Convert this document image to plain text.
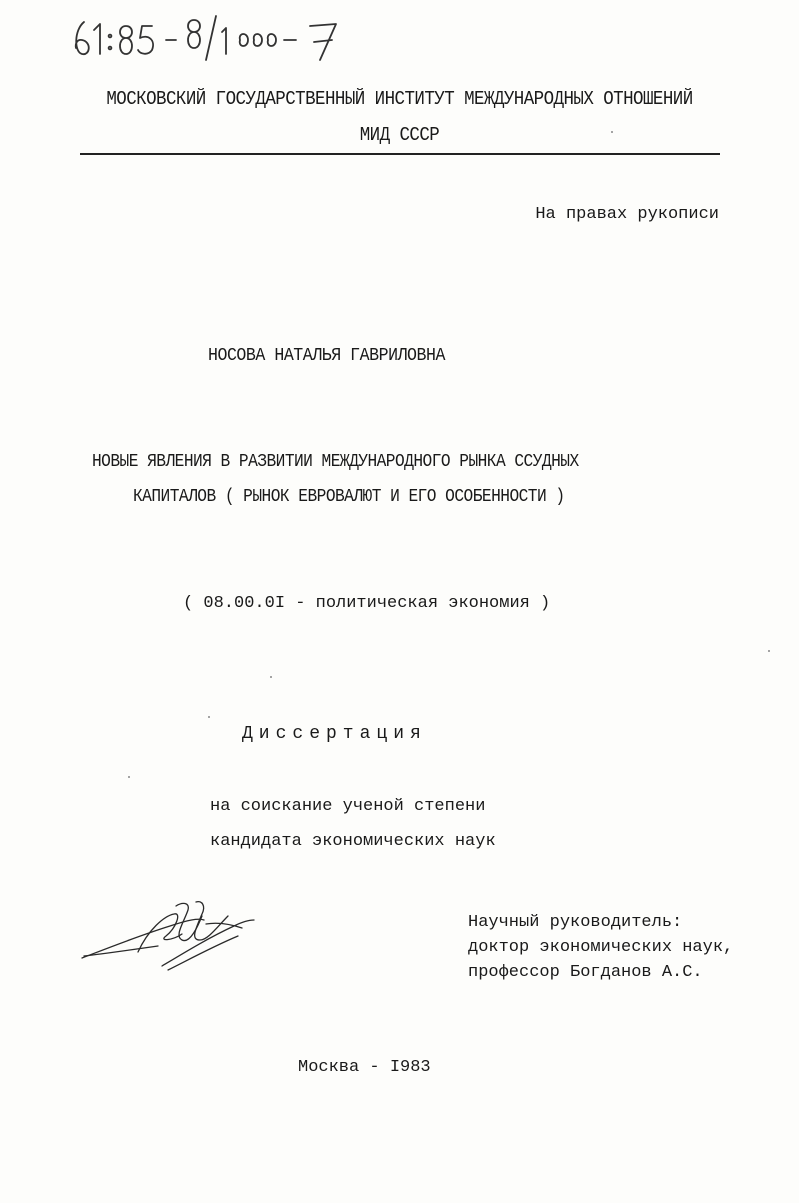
МОСКОВСКИЙ ГОСУДАРСТВЕННЫЙ ИНСТИТУТ МЕЖДУНАРОДНЫХ ОТНОШЕНИЙ
МИД СССР
На правах рукописи
НОСОВА НАТАЛЬЯ ГАВРИЛОВНА
НОВЫЕ ЯВЛЕНИЯ В РАЗВИТИИ МЕЖДУНАРОДНОГО РЫНКА ССУДНЫХ
КАПИТАЛОВ ( РЫНОК ЕВРОВАЛЮТ И ЕГО ОСОБЕННОСТИ )
( 08.00.0I - политическая экономия )
Диссертация
на соискание ученой степени
кандидата экономических наук
Научный руководитель:
доктор экономических наук,
профессор Богданов А.С.
Москва - I983
